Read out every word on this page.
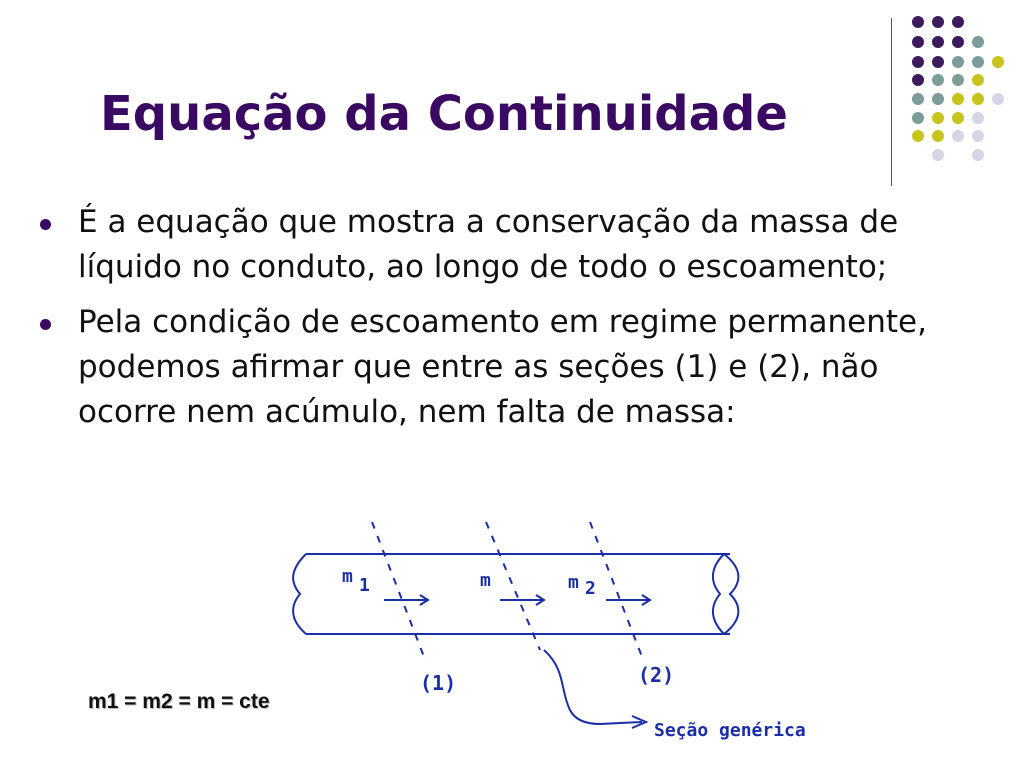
Equação da Continuidade
É a equação que mostra a conservação da massa de líquido no conduto, ao longo de todo o escoamento;
Pela condição de escoamento em regime permanente, podemos afirmar que entre as seções (1) e (2), não ocorre nem acúmulo, nem falta de massa:
m 1	m	m 2
(1)	(2)
Seção genérica
m1 = m2 = m = cte
